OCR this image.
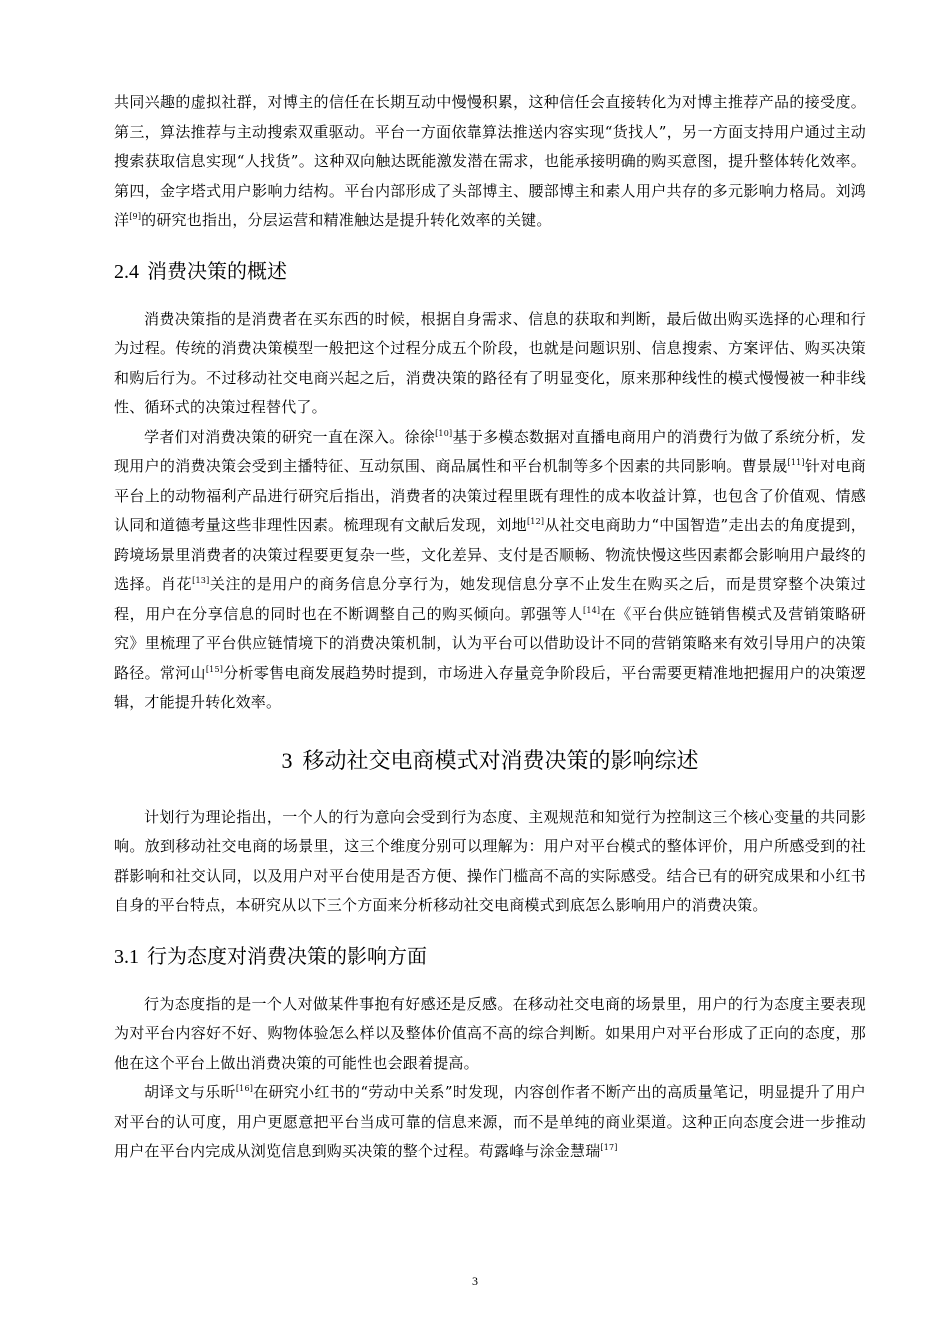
共同兴趣的虚拟社群，对博主的信任在长期互动中慢慢积累，这种信任会直接转化为对博主推荐产品的接受度。第三，算法推荐与主动搜索双重驱动。平台一方面依靠算法推送内容实现“货找人”，另一方面支持用户通过主动搜索获取信息实现“人找货”。这种双向触达既能激发潜在需求，也能承接明确的购买意图，提升整体转化效率。第四，金字塔式用户影响力结构。平台内部形成了头部博主、腰部博主和素人用户共存的多元影响力格局。刘鸿洋[9]的研究也指出，分层运营和精准触达是提升转化效率的关键。

2.4 消费决策的概述

消费决策指的是消费者在买东西的时候，根据自身需求、信息的获取和判断，最后做出购买选择的心理和行为过程。传统的消费决策模型一般把这个过程分成五个阶段，也就是问题识别、信息搜索、方案评估、购买决策和购后行为。不过移动社交电商兴起之后，消费决策的路径有了明显变化，原来那种线性的模式慢慢被一种非线性、循环式的决策过程替代了。

学者们对消费决策的研究一直在深入。徐徐[10]基于多模态数据对直播电商用户的消费行为做了系统分析，发现用户的消费决策会受到主播特征、互动氛围、商品属性和平台机制等多个因素的共同影响。曹景晟[11]针对电商平台上的动物福利产品进行研究后指出，消费者的决策过程里既有理性的成本收益计算，也包含了价值观、情感认同和道德考量这些非理性因素。梳理现有文献后发现，刘地[12]从社交电商助力“中国智造”走出去的角度提到，跨境场景里消费者的决策过程要更复杂一些，文化差异、支付是否顺畅、物流快慢这些因素都会影响用户最终的选择。肖花[13]关注的是用户的商务信息分享行为，她发现信息分享不止发生在购买之后，而是贯穿整个决策过程，用户在分享信息的同时也在不断调整自己的购买倾向。郭强等人[14]在《平台供应链销售模式及营销策略研究》里梳理了平台供应链情境下的消费决策机制，认为平台可以借助设计不同的营销策略来有效引导用户的决策路径。常河山[15]分析零售电商发展趋势时提到，市场进入存量竞争阶段后，平台需要更精准地把握用户的决策逻辑，才能提升转化效率。

3 移动社交电商模式对消费决策的影响综述

计划行为理论指出，一个人的行为意向会受到行为态度、主观规范和知觉行为控制这三个核心变量的共同影响。放到移动社交电商的场景里，这三个维度分别可以理解为：用户对平台模式的整体评价，用户所感受到的社群影响和社交认同，以及用户对平台使用是否方便、操作门槛高不高的实际感受。结合已有的研究成果和小红书自身的平台特点，本研究从以下三个方面来分析移动社交电商模式到底怎么影响用户的消费决策。

3.1 行为态度对消费决策的影响方面

行为态度指的是一个人对做某件事抱有好感还是反感。在移动社交电商的场景里，用户的行为态度主要表现为对平台内容好不好、购物体验怎么样以及整体价值高不高的综合判断。如果用户对平台形成了正向的态度，那他在这个平台上做出消费决策的可能性也会跟着提高。

胡译文与乐昕[16]在研究小红书的“劳动中关系”时发现，内容创作者不断产出的高质量笔记，明显提升了用户对平台的认可度，用户更愿意把平台当成可靠的信息来源，而不是单纯的商业渠道。这种正向态度会进一步推动用户在平台内完成从浏览信息到购买决策的整个过程。苟露峰与涂金慧瑞[17]

3
